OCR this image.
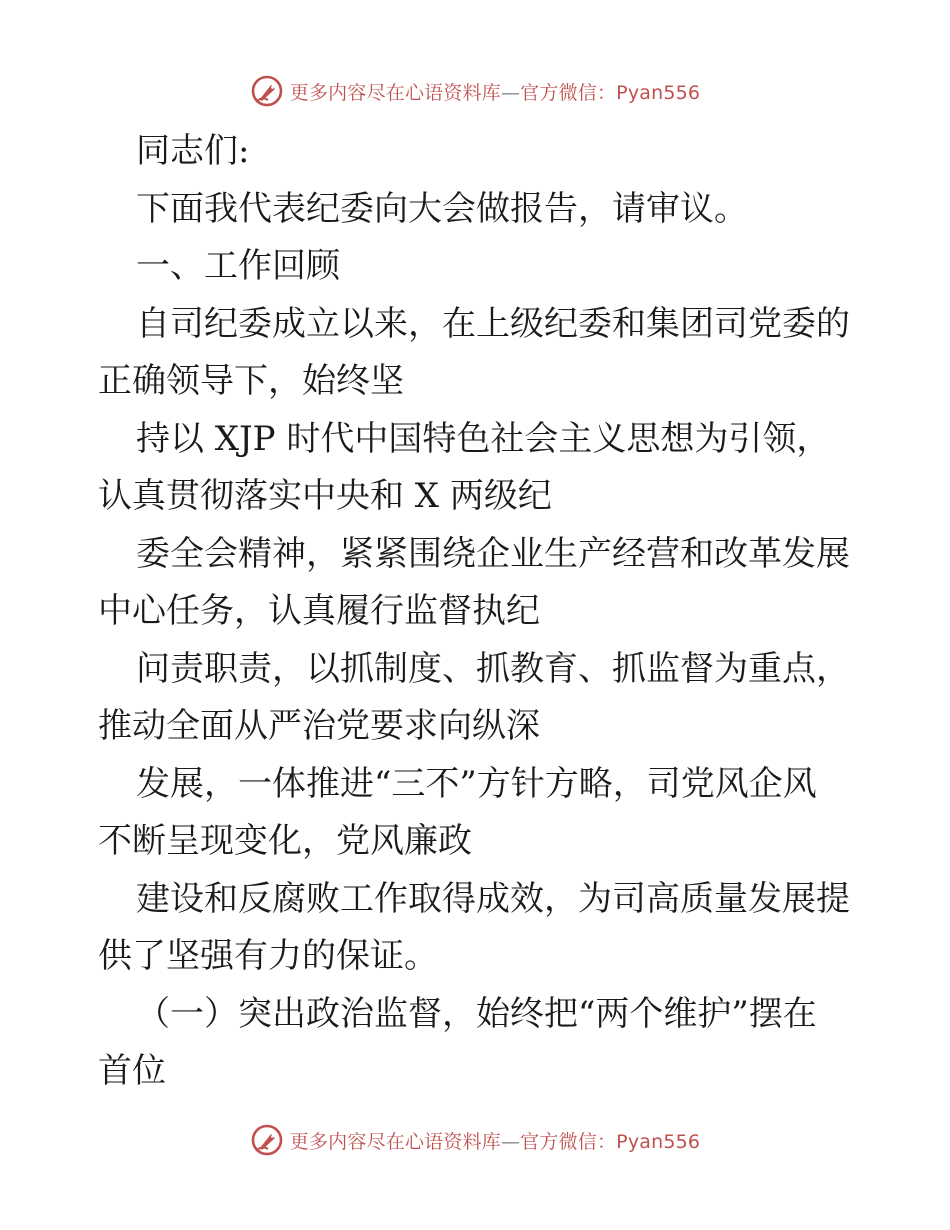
更多内容尽在心语资料库—官方微信：Pyan556
同志们:
下面我代表纪委向大会做报告，请审议。
一、工作回顾
自司纪委成立以来，在上级纪委和集团司党委的
正确领导下，始终坚
持以 XJP 时代中国特色社会主义思想为引领，
认真贯彻落实中央和 X 两级纪
委全会精神，紧紧围绕企业生产经营和改革发展
中心任务，认真履行监督执纪
问责职责，以抓制度、抓教育、抓监督为重点，
推动全面从严治党要求向纵深
发展，一体推进“三不”方针方略，司党风企风
不断呈现变化，党风廉政
建设和反腐败工作取得成效，为司高质量发展提
供了坚强有力的保证。
（一）突出政治监督，始终把“两个维护”摆在
首位
更多内容尽在心语资料库—官方微信：Pyan556
